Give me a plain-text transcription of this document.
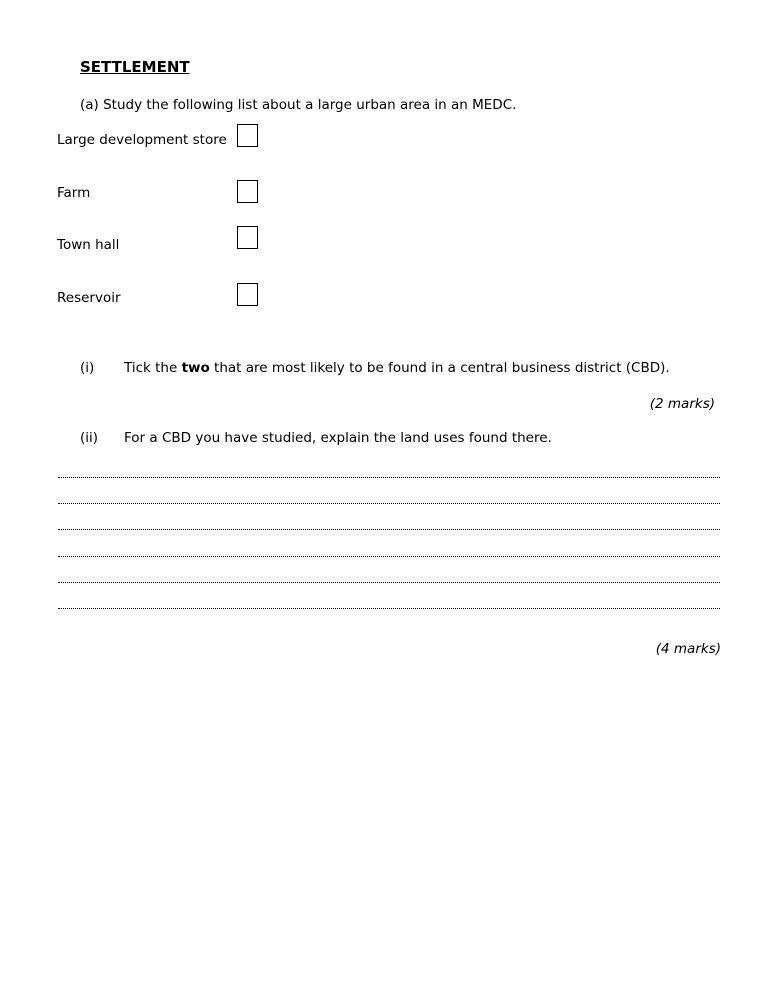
SETTLEMENT
(a) Study the following list about a large urban area in an MEDC.
Large development store
Farm
Town hall
Reservoir
(i) Tick the two that are most likely to be found in a central business district (CBD).
(2 marks)
(ii) For a CBD you have studied, explain the land uses found there.
(4 marks)
